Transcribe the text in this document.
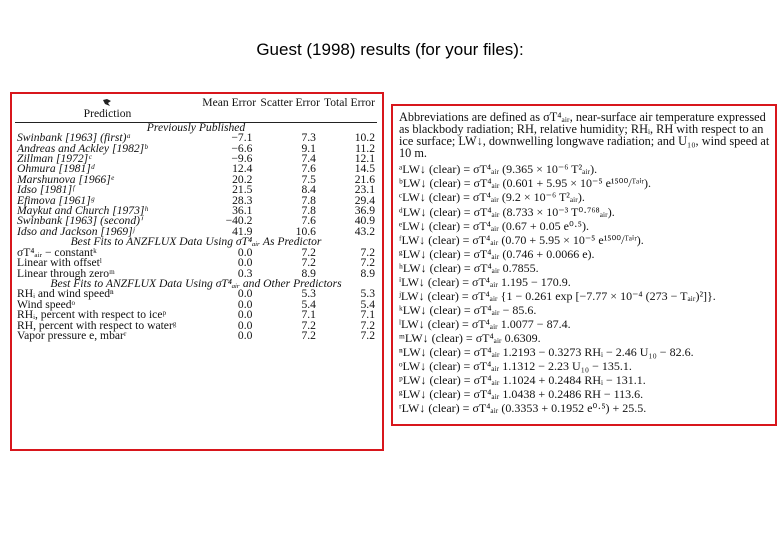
Guest (1998) results (for your files):

Prediction	Mean Error	Scatter Error	Total Error

Previously Published			
Swinbank [1963] (first)ᵃ	−7.1	7.3	10.2
Andreas and Ackley [1982]ᵇ	−6.6	9.1	11.2
Zillman [1972]ᶜ	−9.6	7.4	12.1
Ohmura [1981]ᵈ	12.4	7.6	14.5
Marshunova [1966]ᵉ	20.2	7.5	21.6
Idso [1981]ᶠ	21.5	8.4	23.1
Efimova [1961]ᵍ	28.3	7.8	29.4
Maykut and Church [1973]ʰ	36.1	7.8	36.9
Swinbank [1963] (second)ⁱ	−40.2	7.6	40.9
Idso and Jackson [1969]ʲ	41.9	10.6	43.2
Best Fits to ANZFLUX Data Using σT⁴ₐᵢᵣ As Predictor			
σT⁴ₐᵢᵣ − constantᵏ	0.0	7.2	7.2
Linear with offsetˡ	0.0	7.2	7.2
Linear through zeroᵐ	0.3	8.9	8.9
Best Fits to ANZFLUX Data Using σT⁴ₐᵢᵣ and Other Predictors			
RHᵢ and wind speedⁿ	0.0	5.3	5.3
Wind speedᵒ	0.0	5.4	5.4
RHᵢ, percent with respect to iceᵖ	0.0	7.1	7.1
RH, percent with respect to waterᵍ	0.0	7.2	7.2
Vapor pressure e, mbarʳ	0.0	7.2	7.2
Abbreviations are defined as σT⁴ₐᵢᵣ, near-surface air temperature expressed as blackbody radiation; RH, relative humidity; RHᵢ, RH with respect to an ice surface; LW↓, downwelling longwave radiation; and U₁₀, wind speed at 10 m.
ᵃLW↓ (clear) = σT⁴ₐᵢᵣ (9.365 × 10⁻⁶ T²ₐᵢᵣ).
ᵇLW↓ (clear) = σT⁴ₐᵢᵣ (0.601 + 5.95 × 10⁻⁵ e¹⁵⁰⁰/ᵀᵃⁱʳ).
ᶜLW↓ (clear) = σT⁴ₐᵢᵣ (9.2 × 10⁻⁶ T²ₐᵢᵣ).
ᵈLW↓ (clear) = σT⁴ₐᵢᵣ (8.733 × 10⁻³ T⁰·⁷⁶⁸ₐᵢᵣ).
ᵉLW↓ (clear) = σT⁴ₐᵢᵣ (0.67 + 0.05 e⁰·⁵).
ᶠLW↓ (clear) = σT⁴ₐᵢᵣ (0.70 + 5.95 × 10⁻⁵ e¹⁵⁰⁰/ᵀᵃⁱʳ).
ᵍLW↓ (clear) = σT⁴ₐᵢᵣ (0.746 + 0.0066 e).
ʰLW↓ (clear) = σT⁴ₐᵢᵣ 0.7855.
ⁱLW↓ (clear) = σT⁴ₐᵢᵣ 1.195 − 170.9.
ʲLW↓ (clear) = σT⁴ₐᵢᵣ {1 − 0.261 exp [−7.77 × 10⁻⁴ (273 − Tₐᵢᵣ)²]}.
ᵏLW↓ (clear) = σT⁴ₐᵢᵣ − 85.6.
ˡLW↓ (clear) = σT⁴ₐᵢᵣ 1.0077 − 87.4.
ᵐLW↓ (clear) = σT⁴ₐᵢᵣ 0.6309.
ⁿLW↓ (clear) = σT⁴ₐᵢᵣ 1.2193 − 0.3273 RHᵢ − 2.46 U₁₀ − 82.6.
ᵒLW↓ (clear) = σT⁴ₐᵢᵣ 1.1312 − 2.23 U₁₀ − 135.1.
ᵖLW↓ (clear) = σT⁴ₐᵢᵣ 1.1024 + 0.2484 RHᵢ − 131.1.
ᵍLW↓ (clear) = σT⁴ₐᵢᵣ 1.0438 + 0.2486 RH − 113.6.
ʳLW↓ (clear) = σT⁴ₐᵢᵣ (0.3353 + 0.1952 e⁰·⁵) + 25.5.
